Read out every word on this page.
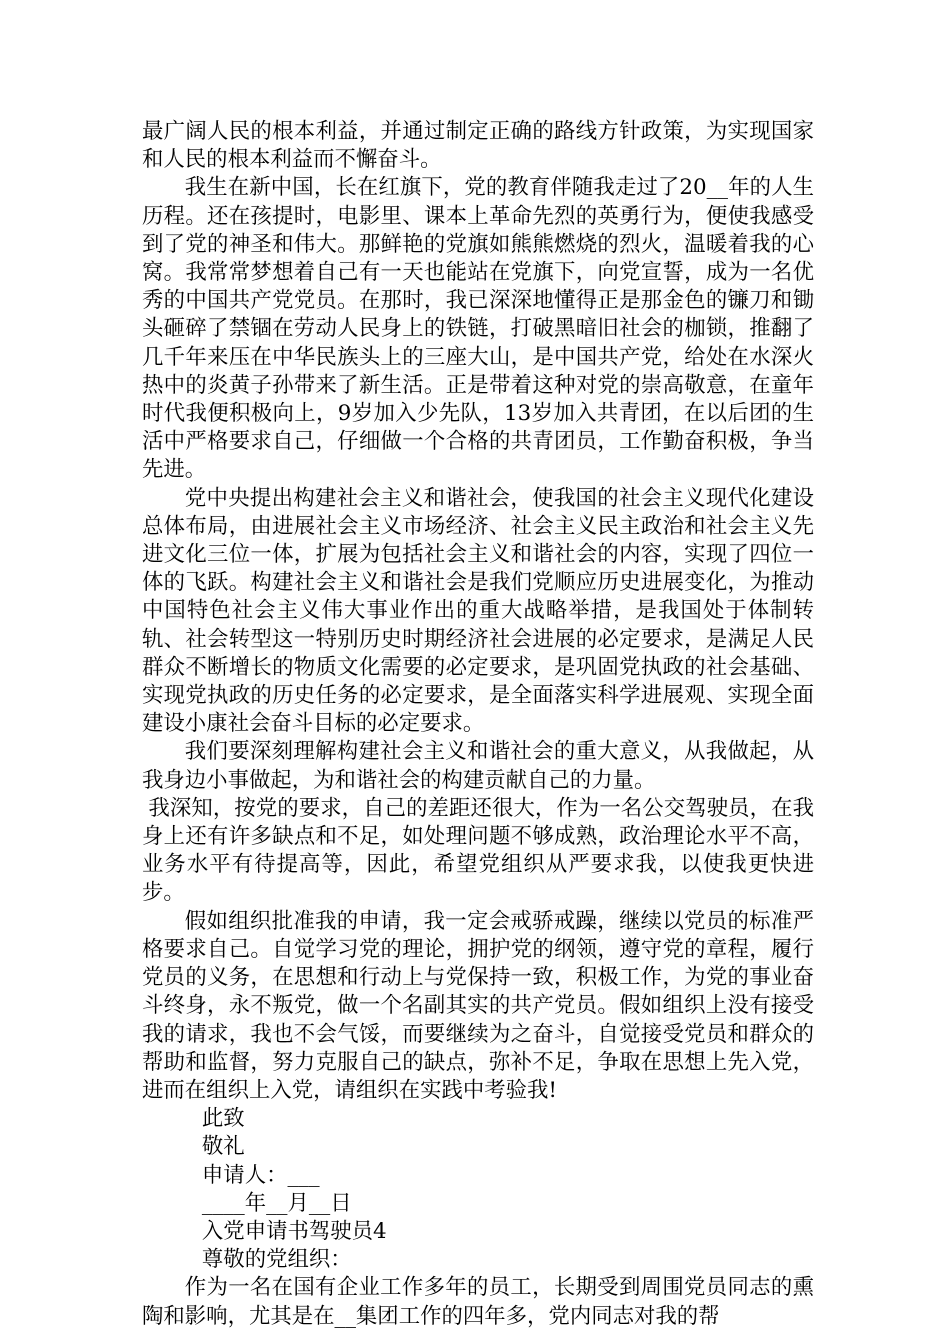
最广阔人民的根本利益，并通过制定正确的路线方针政策，为实现国家和人民的根本利益而不懈奋斗。

我生在新中国，长在红旗下，党的教育伴随我走过了20__年的人生历程。还在孩提时，电影里、课本上革命先烈的英勇行为，便使我感受到了党的神圣和伟大。那鲜艳的党旗如熊熊燃烧的烈火，温暖着我的心窝。我常常梦想着自己有一天也能站在党旗下，向党宣誓，成为一名优秀的中国共产党党员。在那时，我已深深地懂得正是那金色的镰刀和锄头砸碎了禁锢在劳动人民身上的铁链，打破黑暗旧社会的枷锁，推翻了几千年来压在中华民族头上的三座大山，是中国共产党，给处在水深火热中的炎黄子孙带来了新生活。正是带着这种对党的崇高敬意，在童年时代我便积极向上，9岁加入少先队，13岁加入共青团，在以后团的生活中严格要求自己，仔细做一个合格的共青团员，工作勤奋积极，争当先进。

党中央提出构建社会主义和谐社会，使我国的社会主义现代化建设总体布局，由进展社会主义市场经济、社会主义民主政治和社会主义先进文化三位一体，扩展为包括社会主义和谐社会的内容，实现了四位一体的飞跃。构建社会主义和谐社会是我们党顺应历史进展变化，为推动中国特色社会主义伟大事业作出的重大战略举措，是我国处于体制转轨、社会转型这一特别历史时期经济社会进展的必定要求，是满足人民群众不断增长的物质文化需要的必定要求，是巩固党执政的社会基础、实现党执政的历史任务的必定要求，是全面落实科学进展观、实现全面建设小康社会奋斗目标的必定要求。

我们要深刻理解构建社会主义和谐社会的重大意义，从我做起，从我身边小事做起，为和谐社会的构建贡献自己的力量。

我深知，按党的要求，自己的差距还很大，作为一名公交驾驶员，在我身上还有许多缺点和不足，如处理问题不够成熟，政治理论水平不高，业务水平有待提高等，因此，希望党组织从严要求我，以使我更快进步。

假如组织批准我的申请，我一定会戒骄戒躁，继续以党员的标准严格要求自己。自觉学习党的理论，拥护党的纲领，遵守党的章程，履行党员的义务，在思想和行动上与党保持一致，积极工作，为党的事业奋斗终身，永不叛党，做一个名副其实的共产党员。假如组织上没有接受我的请求，我也不会气馁，而要继续为之奋斗，自觉接受党员和群众的帮助和监督，努力克服自己的缺点，弥补不足，争取在思想上先入党，进而在组织上入党，请组织在实践中考验我!

此致

敬礼

申请人：___

____年__月__日

入党申请书驾驶员4

尊敬的党组织：

作为一名在国有企业工作多年的员工，长期受到周围党员同志的熏陶和影响，尤其是在__集团工作的四年多，党内同志对我的帮
